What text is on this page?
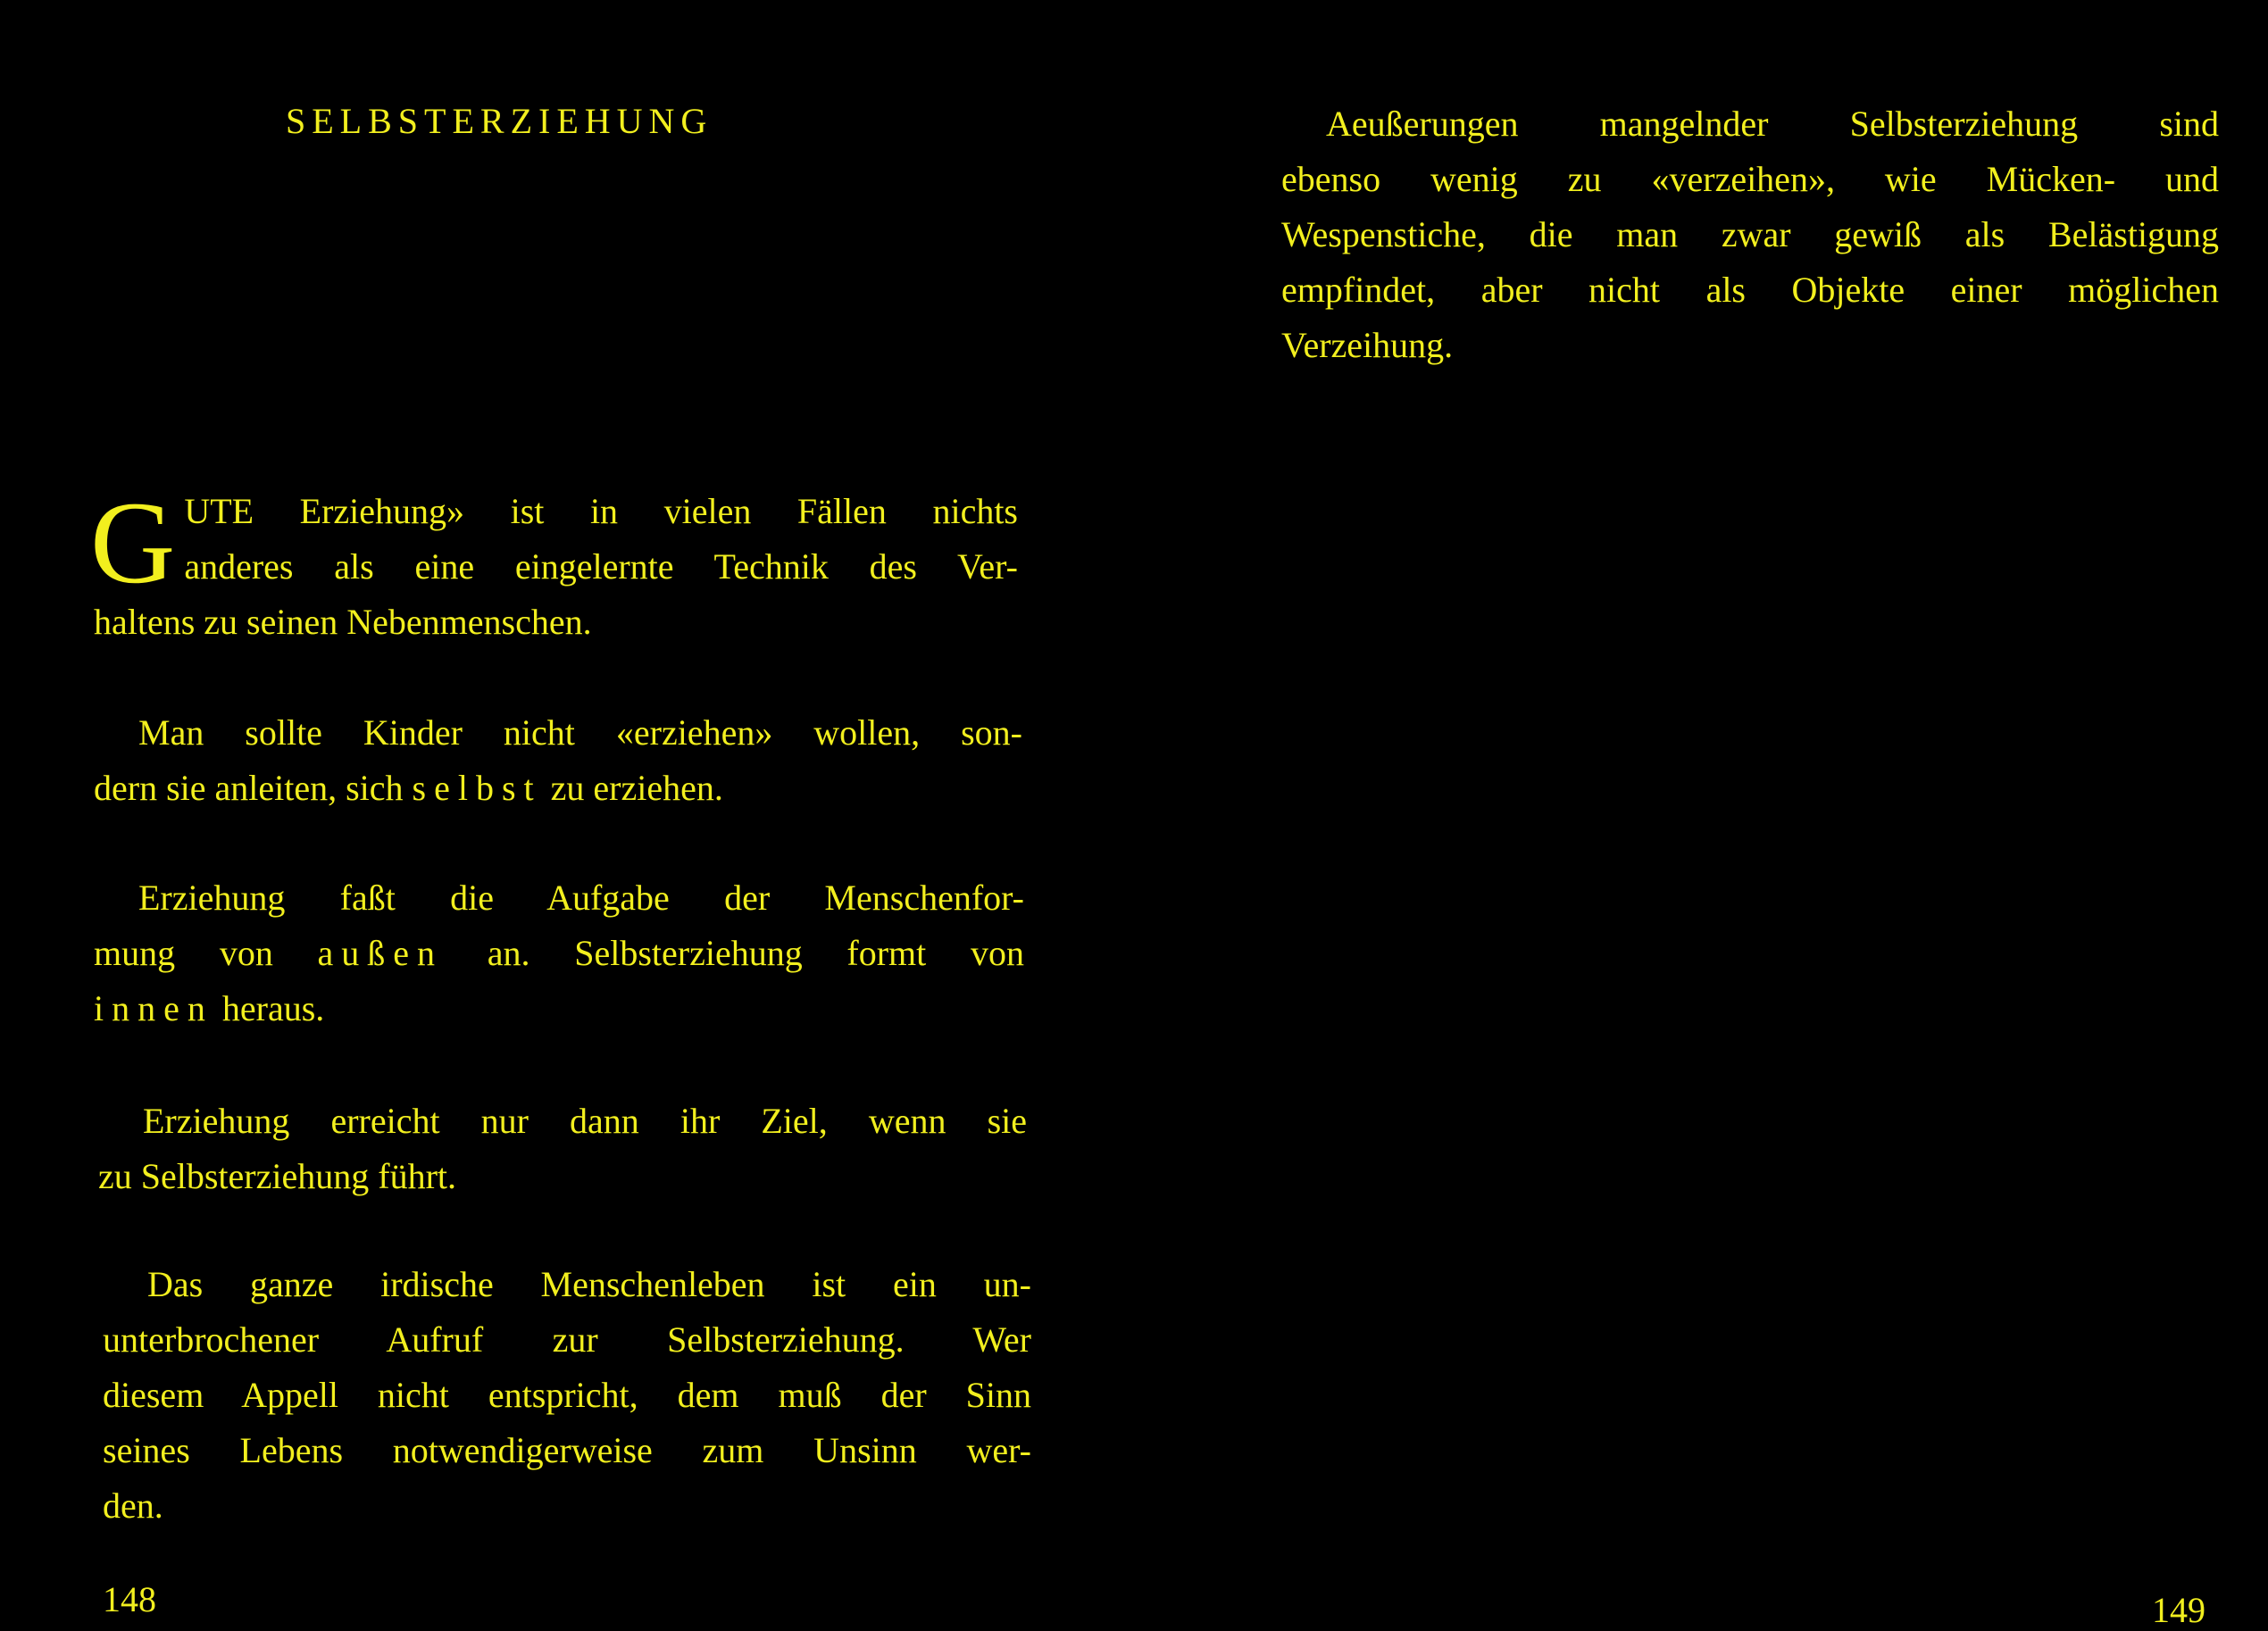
SELBSTERZIEHUNG

G UTE Erziehung» ist in vielen Fällen nichts
anderes als eine eingelernte Technik des Ver-
haltens zu seinen Nebenmenschen.

Man sollte Kinder nicht «erziehen» wollen, son-
dern sie anleiten, sich selbst zu erziehen.

Erziehung faßt die Aufgabe der Menschenfor-
mung von außen an. Selbsterziehung formt von
innen heraus.

Erziehung erreicht nur dann ihr Ziel, wenn sie
zu Selbsterziehung führt.

Das ganze irdische Menschenleben ist ein un-
unterbrochener Aufruf zur Selbsterziehung. Wer
diesem Appell nicht entspricht, dem muß der Sinn
seines Lebens notwendigerweise zum Unsinn wer-
den.

148

Aeußerungen mangelnder Selbsterziehung sind
ebenso wenig zu «verzeihen», wie Mücken- und
Wespenstiche, die man zwar gewiß als Belästigung
empfindet, aber nicht als Objekte einer möglichen
Verzeihung.

149
